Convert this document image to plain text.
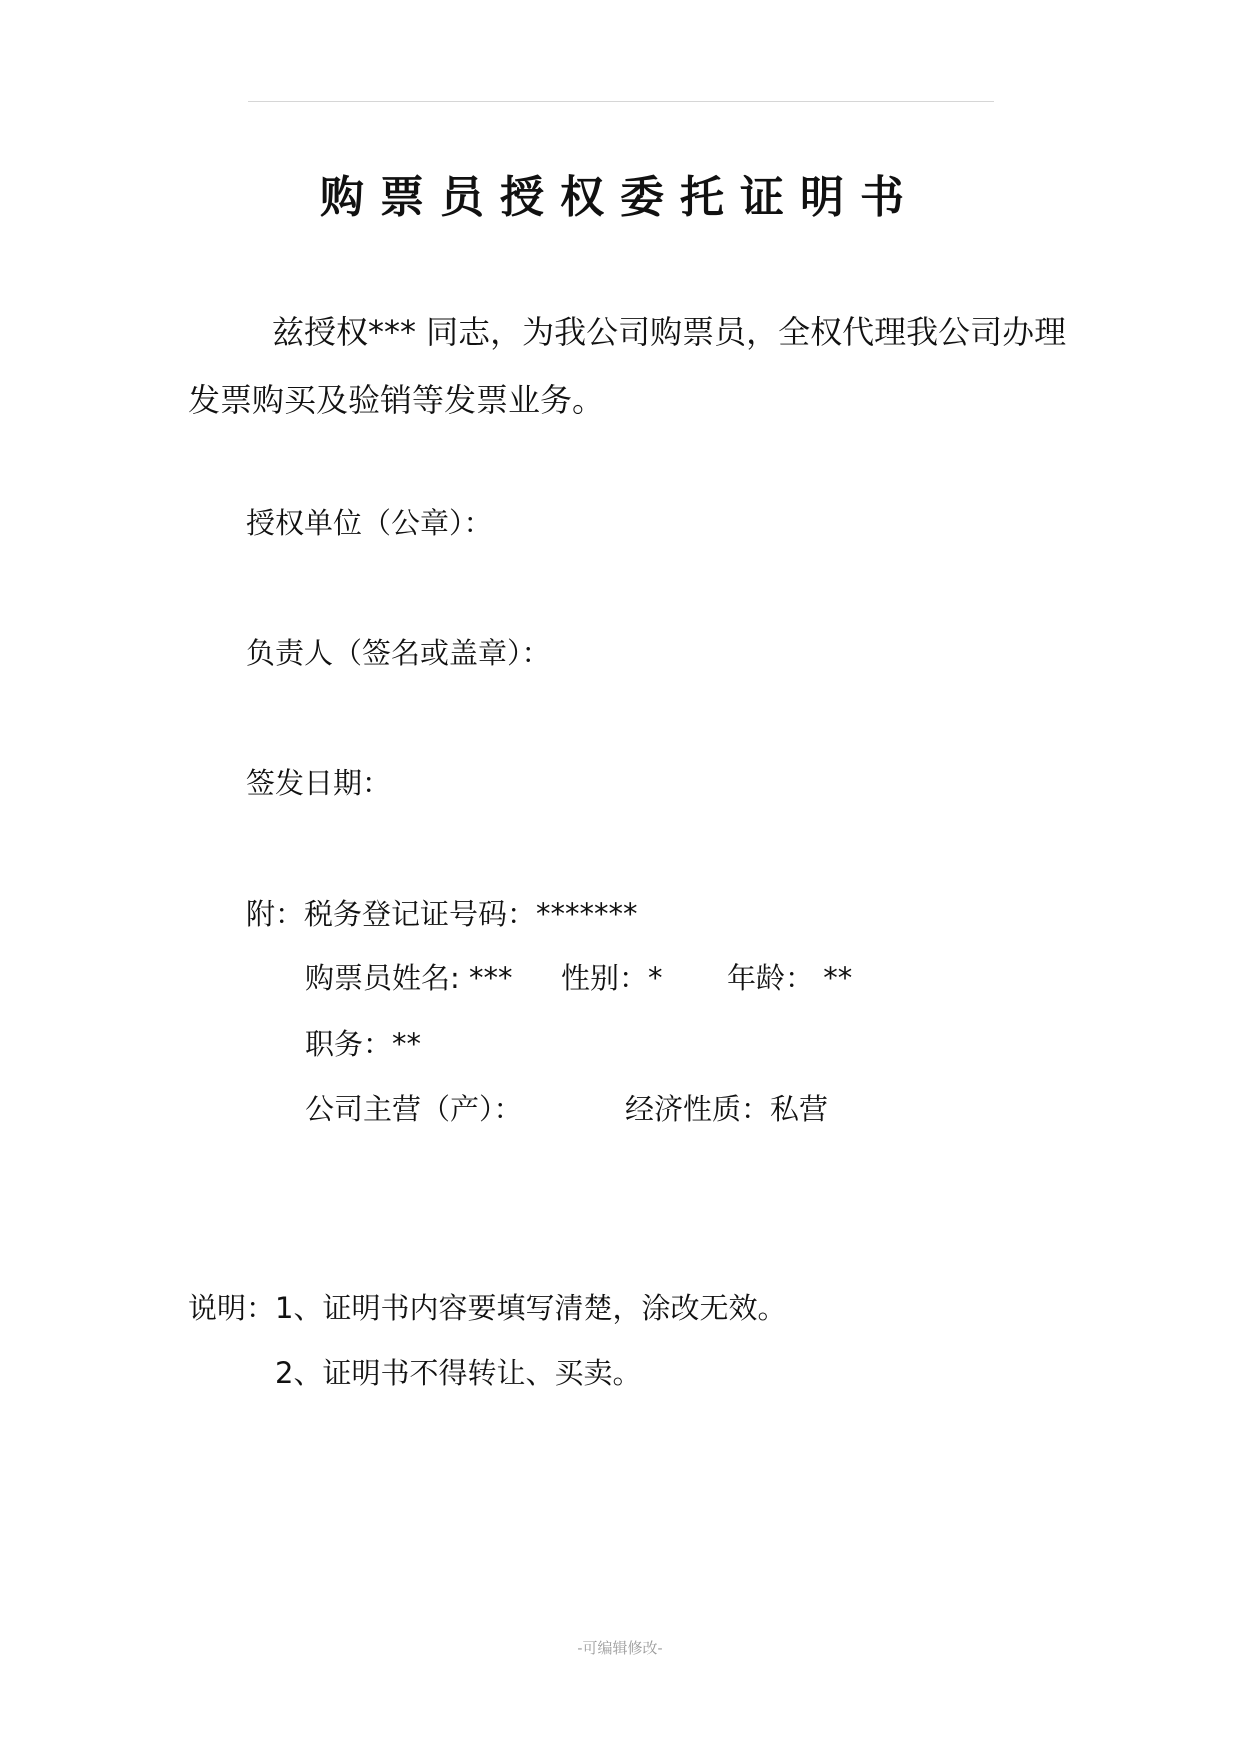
购票员授权委托证明书
兹授权*** 同志，为我公司购票员，全权代理我公司办理发票购买及验销等发票业务。
授权单位（公章）：
负责人（签名或盖章）：
签发日期：
附：税务登记证号码：*******
购票员姓名: *** 性别：* 年龄： **
职务：**
公司主营（产）：	经济性质：私营
说明：1、证明书内容要填写清楚，涂改无效。
2、证明书不得转让、买卖。
-可编辑修改-
